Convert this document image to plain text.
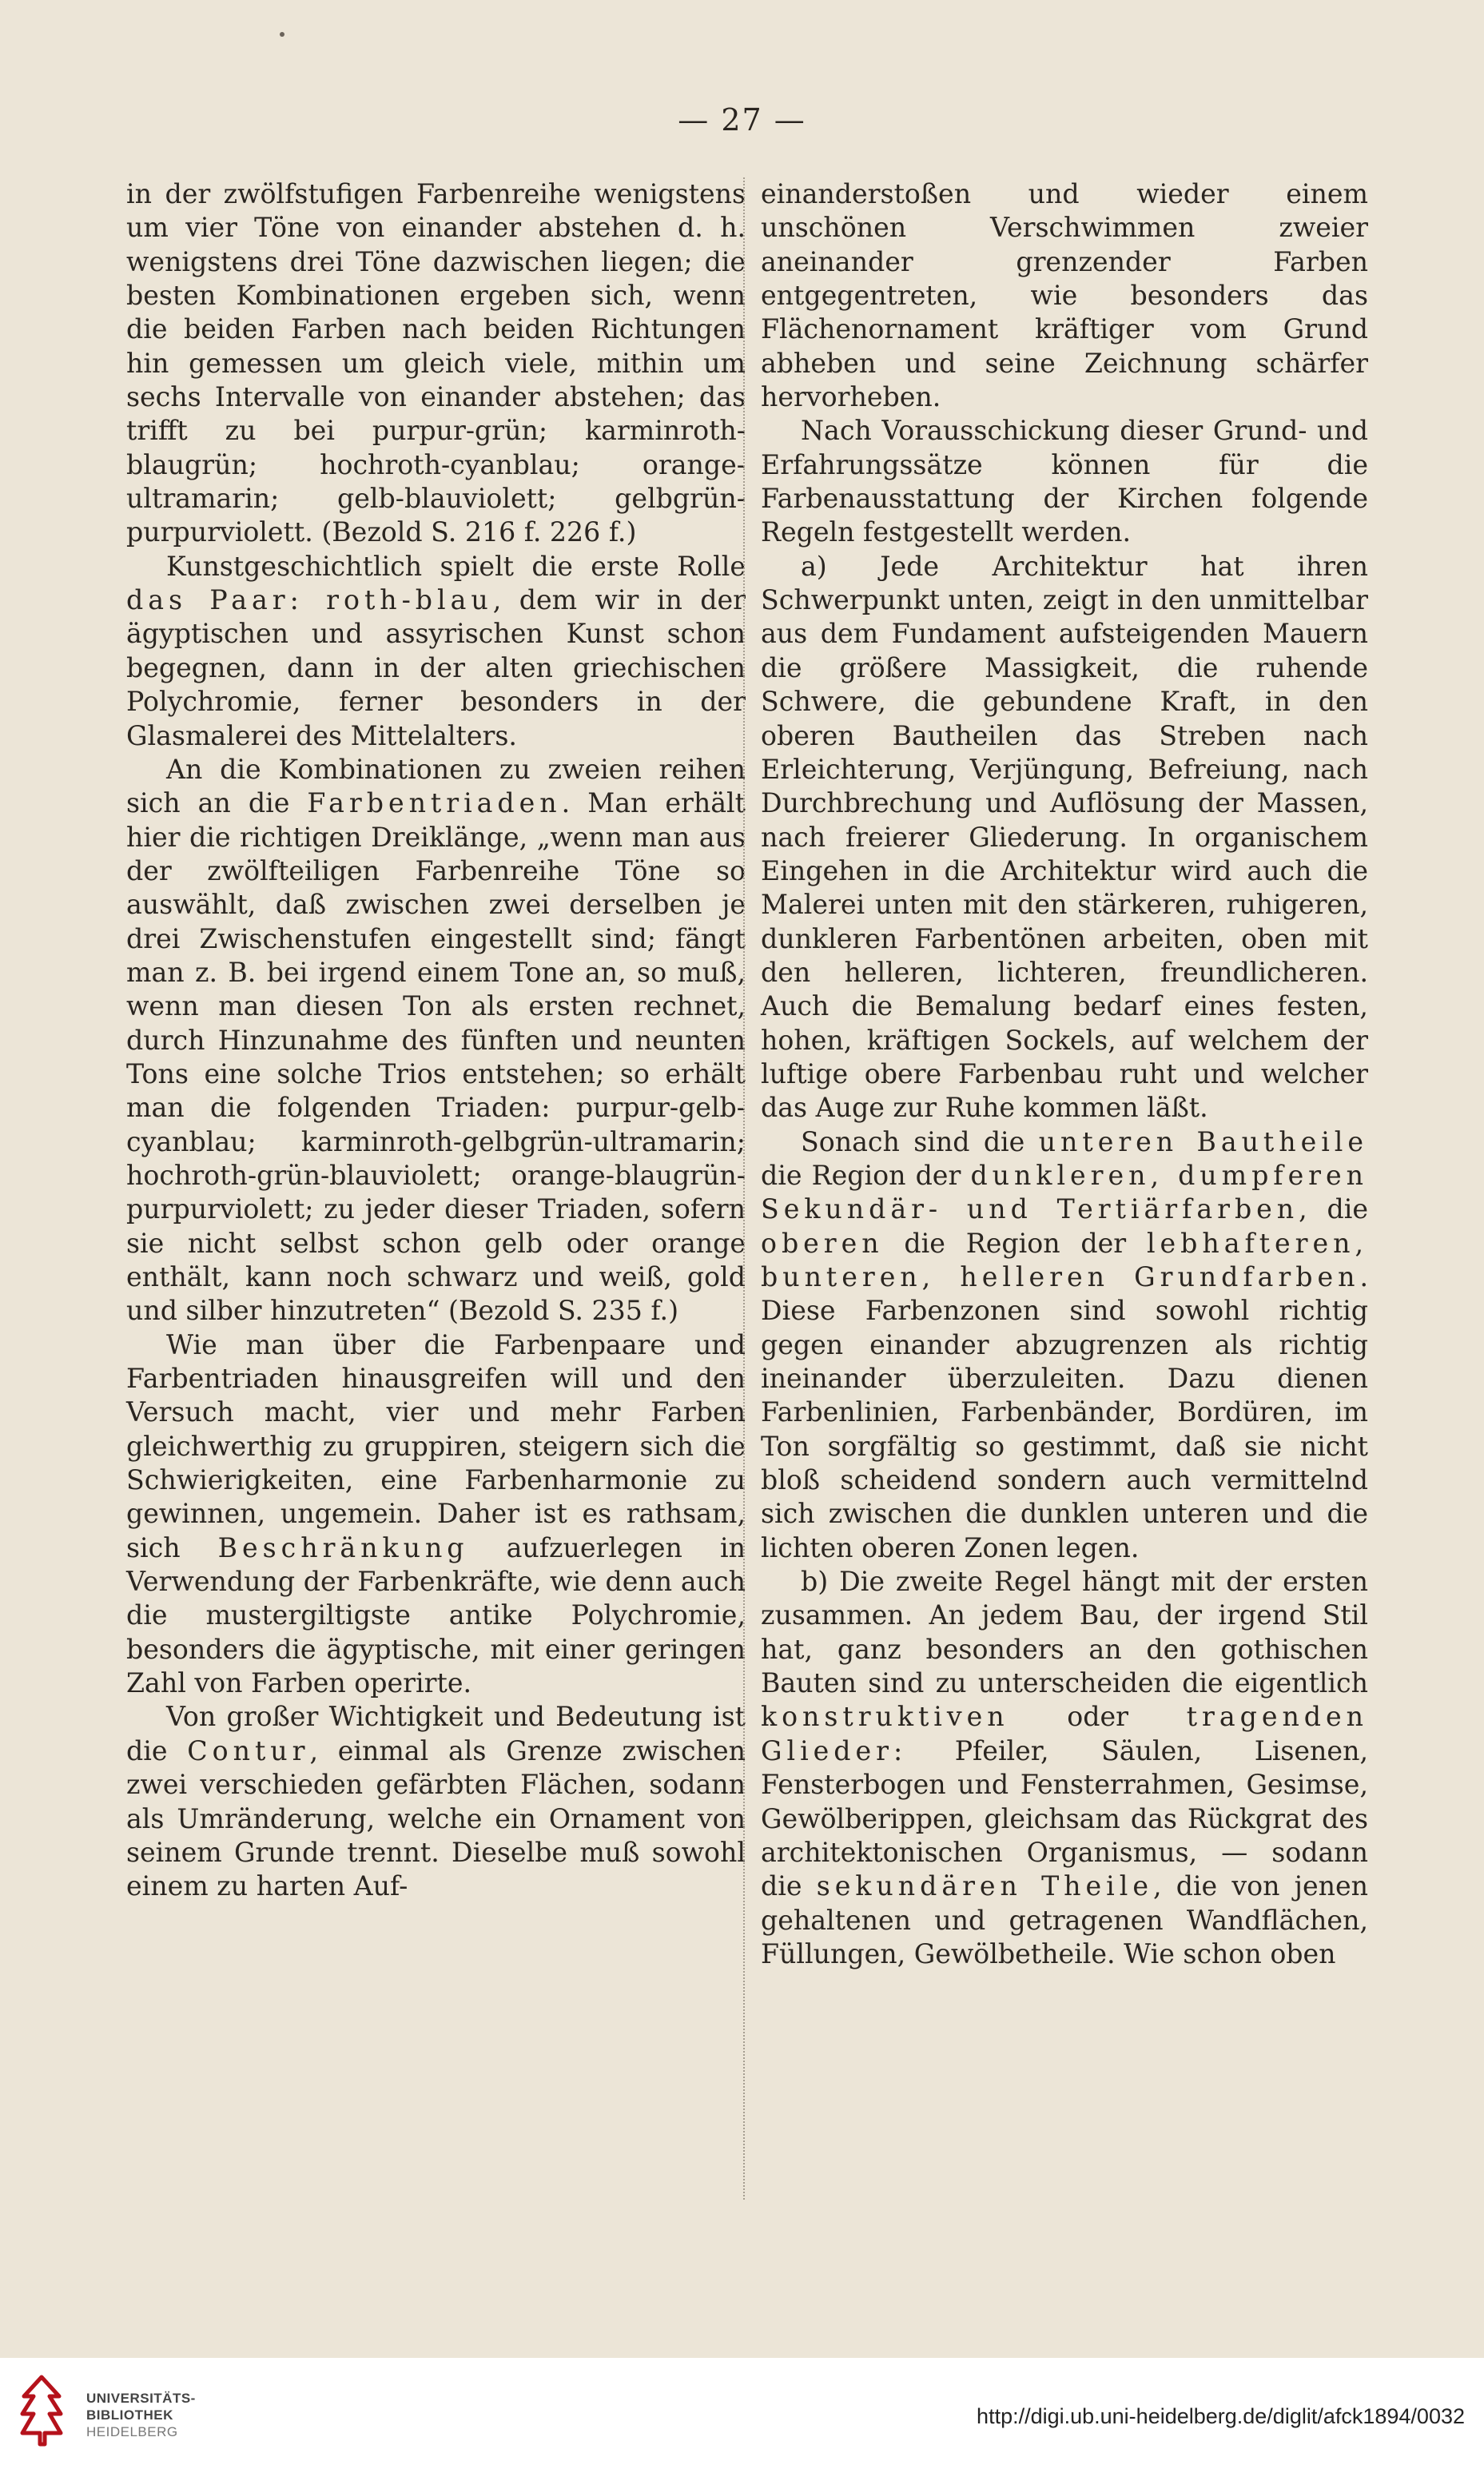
— 27 —

in der zwölfstufigen Farbenreihe wenigstens um vier Töne von einander abstehen d. h. wenigstens drei Töne dazwischen liegen; die besten Kombinationen ergeben sich, wenn die beiden Farben nach beiden Richtungen hin gemessen um gleich viele, mithin um sechs Intervalle von einander abstehen; das trifft zu bei purpur-grün; karminroth-blaugrün; hochroth-cyanblau; orange-ultramarin; gelb-blauviolett; gelbgrün-purpurviolett. (Bezold S. 216 f. 226 f.)

Kunstgeschichtlich spielt die erste Rolle das Paar: roth-blau, dem wir in der ägyptischen und assyrischen Kunst schon begegnen, dann in der alten griechischen Polychromie, ferner besonders in der Glasmalerei des Mittelalters.

An die Kombinationen zu zweien reihen sich an die Farbentriaden. Man erhält hier die richtigen Dreiklänge, „wenn man aus der zwölfteiligen Farbenreihe Töne so auswählt, daß zwischen zwei derselben je drei Zwischenstufen eingestellt sind; fängt man z. B. bei irgend einem Tone an, so muß, wenn man diesen Ton als ersten rechnet, durch Hinzunahme des fünften und neunten Tons eine solche Trios entstehen; so erhält man die folgenden Triaden: purpur-gelb-cyanblau; karminroth-gelbgrün-ultramarin; hochroth-grün-blauviolett; orange-blaugrün-purpurviolett; zu jeder dieser Triaden, sofern sie nicht selbst schon gelb oder orange enthält, kann noch schwarz und weiß, gold und silber hinzutreten“ (Bezold S. 235 f.)

Wie man über die Farbenpaare und Farbentriaden hinausgreifen will und den Versuch macht, vier und mehr Farben gleichwerthig zu gruppiren, steigern sich die Schwierigkeiten, eine Farbenharmonie zu gewinnen, ungemein. Daher ist es rathsam, sich Beschränkung aufzuerlegen in Verwendung der Farbenkräfte, wie denn auch die mustergiltigste antike Polychromie, besonders die ägyptische, mit einer geringen Zahl von Farben operirte.

Von großer Wichtigkeit und Bedeutung ist die Contur, einmal als Grenze zwischen zwei verschieden gefärbten Flächen, sodann als Umränderung, welche ein Ornament von seinem Grunde trennt. Dieselbe muß sowohl einem zu harten Auf-

einanderstoßen und wieder einem unschönen Verschwimmen zweier aneinander grenzender Farben entgegentreten, wie besonders das Flächenornament kräftiger vom Grund abheben und seine Zeichnung schärfer hervorheben.

Nach Vorausschickung dieser Grund- und Erfahrungssätze können für die Farbenausstattung der Kirchen folgende Regeln festgestellt werden.

a) Jede Architektur hat ihren Schwerpunkt unten, zeigt in den unmittelbar aus dem Fundament aufsteigenden Mauern die größere Massigkeit, die ruhende Schwere, die gebundene Kraft, in den oberen Bautheilen das Streben nach Erleichterung, Verjüngung, Befreiung, nach Durchbrechung und Auflösung der Massen, nach freierer Gliederung. In organischem Eingehen in die Architektur wird auch die Malerei unten mit den stärkeren, ruhigeren, dunkleren Farbentönen arbeiten, oben mit den helleren, lichteren, freundlicheren. Auch die Bemalung bedarf eines festen, hohen, kräftigen Sockels, auf welchem der luftige obere Farbenbau ruht und welcher das Auge zur Ruhe kommen läßt.

Sonach sind die unteren Bautheile die Region der dunkleren, dumpferen Sekundär- und Tertiärfarben, die oberen die Region der lebhafteren, bunteren, helleren Grundfarben. Diese Farbenzonen sind sowohl richtig gegen einander abzugrenzen als richtig ineinander überzuleiten. Dazu dienen Farbenlinien, Farbenbänder, Bordüren, im Ton sorgfältig so gestimmt, daß sie nicht bloß scheidend sondern auch vermittelnd sich zwischen die dunklen unteren und die lichten oberen Zonen legen.

b) Die zweite Regel hängt mit der ersten zusammen. An jedem Bau, der irgend Stil hat, ganz besonders an den gothischen Bauten sind zu unterscheiden die eigentlich konstruktiven oder tragenden Glieder: Pfeiler, Säulen, Lisenen, Fensterbogen und Fensterrahmen, Gesimse, Gewölberippen, gleichsam das Rückgrat des architektonischen Organismus, — sodann die sekundären Theile, die von jenen gehaltenen und getragenen Wandflächen, Füllungen, Gewölbetheile. Wie schon oben

UNIVERSITÄTS-
BIBLIOTHEK
HEIDELBERG
http://digi.ub.uni-heidelberg.de/diglit/afck1894/0032
